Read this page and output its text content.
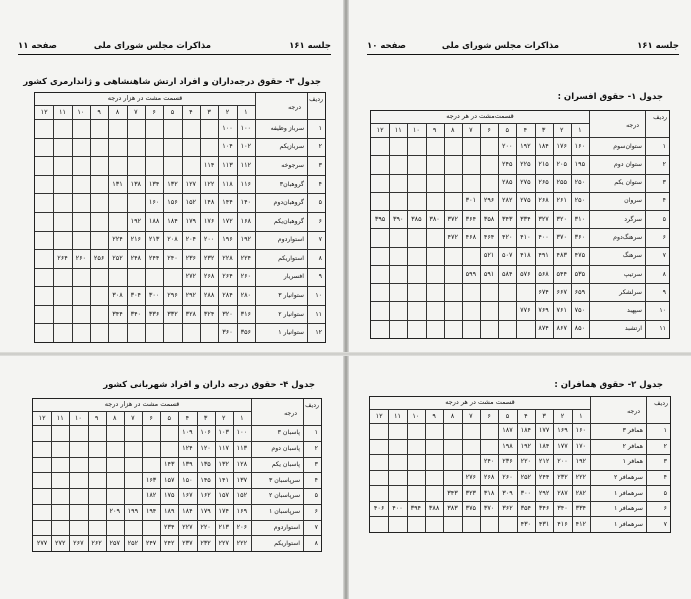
جلسه ۱۶۱
مذاکرات مجلس شورای ملی
صفحه ۱۱
جدول ۳- حقوق درجه‌داران و افراد ارتش شاهنشاهی و ژاندارمری کشور
ردیف
درجه
قسمت مشت در هزار درجه
۱۲	۱۱	۱۰	۹	۸	۷	۶	۵	۴	۳	۲	۱
۱
سرباز وظیفه
۱۰۰	۱۰۰
۲
سربازیکم
۱۰۴	۱۰۲
۳
سرجوخه
۱۱۴	۱۱۳	۱۱۲
۴
گروهبان۳
۱۳۱	۱۳۸	۱۳۴	۱۳۲	۱۲۷	۱۲۲	۱۱۸	۱۱۶
۵
گروهبان‌دوم
۱۶۰	۱۵۶	۱۵۲	۱۴۸	۱۴۴	۱۴۰
۶
گروهبان‌یکم
۱۹۲	۱۸۸	۱۸۴	۱۷۹	۱۷۶	۱۷۲	۱۶۸
۷
استوار‌دوم
۲۲۴	۲۱۶	۲۱۳	۲۰۸	۲۰۴	۲۰۰	۱۹۶	۱۹۲
۸
استواریکم
۲۶۴	۲۶۰	۲۵۶	۲۵۲	۲۴۸	۲۴۴	۲۴۰	۲۳۶	۲۳۲	۲۲۸	۲۲۴
۹
افسریار
۲۷۲	۲۶۸	۲۶۴	۲۶۰
۱۰
ستوانیار ۳
۳۰۸	۳۰۴	۳۰۰	۲۹۶	۲۹۲	۲۸۸	۲۸۴	۲۸۰
۱۱
ستوانیار ۲
۳۴۴	۳۴۰	۳۳۶	۳۳۲	۳۲۸	۳۲۴	۳۲۰	۳۱۶
۱۲
ستوانیار ۱
۳۶۰	۳۵۶
جدول ۴- حقوق درجه داران و افراد شهربانی کشور
ردیف
درجه
قسمت مشت در هزار درجه
۱۲	۱۱	۱۰	۹	۸	۷	۶	۵	۴	۳	۲	۱
۱
پاسبان ۳
۱۰۹	۱۰۶	۱۰۳	۱۰۰
۲
پاسبان دوم
۱۲۴	۱۲۰	۱۱۷	۱۱۳
۳
پاسبان یکم
۱۴۳	۱۳۹	۱۳۵	۱۳۲	۱۲۸
۴
سرپاسبان ۳
۱۶۳	۱۵۷	۱۵۰	۱۴۵	۱۴۱	۱۳۷
۵
سرپاسبان ۲
۱۸۲	۱۷۵	۱۶۷	۱۶۲	۱۵۷	۱۵۲
۶
سرپاسبان ۱
۲۰۹	۱۹۹	۱۹۴	۱۸۹	۱۸۴	۱۷۹	۱۷۴	۱۶۹
۷
استوار‌دوم
۲۳۴	۲۲۷	۲۲۰	۲۱۳	۲۰۶
۸
استواریکم
۲۷۷	۲۷۲	۲۶۷	۲۶۲	۲۵۷	۲۵۲	۲۴۷	۲۴۲	۲۳۷	۲۳۲	۲۲۷	۲۲۲
جلسه ۱۶۱
مذاکرات مجلس شورای ملی
صفحه ۱۰
جدول ۱- حقوق افسران :
ردیف
درجه
قسمت‌مشت در هر درجه
۱۲	۱۱	۱۰	۹	۸	۷	۶	۵	۴	۳	۲	۱
۱
ستوان‌سوم
۲۰۰	۱۹۲	۱۸۴	۱۷۶	۱۶۰
۲
ستوان دوم
۲۴۵	۲۲۵	۲۱۵	۲۰۵	۱۹۵
۳
ستوان یکم
۲۸۵	۲۷۵	۲۶۵	۲۵۵	۲۵۰
۴
سروان
۳۰۱	۲۹۶	۲۸۲	۲۷۵	۲۶۸	۲۶۱	۲۵۰
۵
سرگرد
۳۹۵	۳۹۰	۳۸۵	۳۸۰	۳۷۲	۳۶۴	۳۵۸	۳۴۳	۳۳۴	۳۲۷	۳۲۰	۳۱۰
۶
سرهنگ‌دوم
۴۷۲	۴۶۸	۴۶۴	۴۲۰	۴۱۰	۴۰۰	۳۷۰	۳۶۰
۷
سرهنگ
۵۲۱	۵۰۷	۴۱۸	۴۹۱	۴۸۳	۴۷۵
۸
سرتیپ
۵۹۹	۵۹۱	۵۸۴	۵۷۶	۵۶۸	۵۴۴	۵۳۵
۹
سرلشکر
۶۷۴	۶۶۷	۶۵۹
۱۰
سپهبد
۷۷۶	۷۶۹	۷۶۱	۷۵۰
۱۱
ارتشبد
۸۷۴	۸۶۷	۸۵۰
جدول ۲- حقوق همافران :
ردیف
درجه
قسمت مشت در هر درجه
۱۲	۱۱	۱۰	۹	۸	۷	۶	۵	۴	۳	۲	۱
۱
همافر ۳
۱۸۷	۱۸۴	۱۷۷	۱۶۹	۱۶۰
۲
همافر ۲
۱۹۸	۱۹۲	۱۸۴	۱۷۷	۱۷۰
۳
همافر ۱
۲۴۰	۲۳۶	۲۲۰	۲۱۲	۲۰۰	۱۹۲
۴
سرهمافر ۲
۲۷۶	۲۶۸	۲۶۰	۲۵۲	۲۴۴	۲۳۲	۲۲۲
۵
سرهمافر ۱
۳۴۳	۳۲۳	۳۱۸	۳۰۹	۳۰۰	۲۹۲	۲۸۷	۲۸۲
۶
سرهمافر ۱
۴۰۶	۴۰۰	۳۹۴	۳۸۸	۳۸۳	۳۷۵	۳۷۰	۳۶۲	۳۵۴	۳۴۶	۳۴۰	۳۳۴
۷
سرهمافر ۱
۴۳۰	۴۳۱	۴۱۶	۴۱۲
